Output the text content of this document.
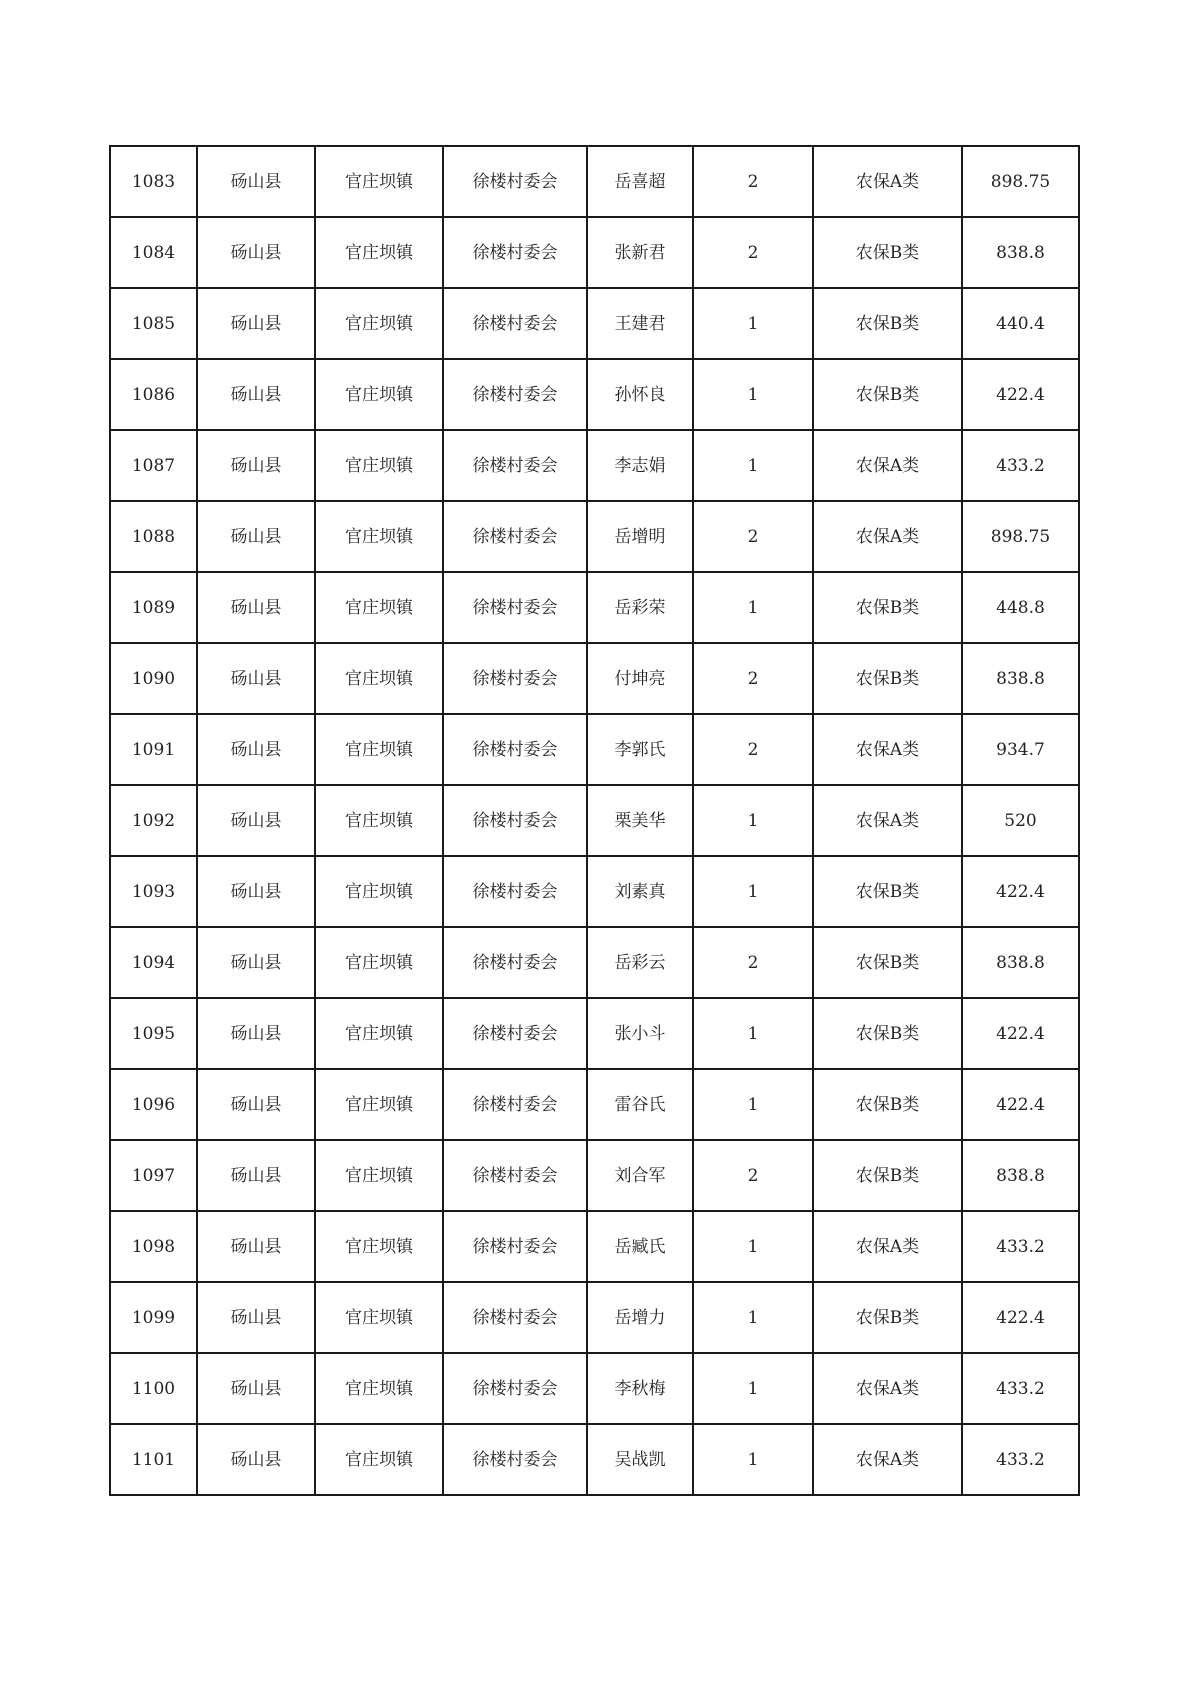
1083	砀山县	官庄坝镇	徐楼村委会	岳喜超	2	农保A类	898.75
1084	砀山县	官庄坝镇	徐楼村委会	张新君	2	农保B类	838.8
1085	砀山县	官庄坝镇	徐楼村委会	王建君	1	农保B类	440.4
1086	砀山县	官庄坝镇	徐楼村委会	孙怀良	1	农保B类	422.4
1087	砀山县	官庄坝镇	徐楼村委会	李志娟	1	农保A类	433.2
1088	砀山县	官庄坝镇	徐楼村委会	岳增明	2	农保A类	898.75
1089	砀山县	官庄坝镇	徐楼村委会	岳彩荣	1	农保B类	448.8
1090	砀山县	官庄坝镇	徐楼村委会	付坤亮	2	农保B类	838.8
1091	砀山县	官庄坝镇	徐楼村委会	李郭氏	2	农保A类	934.7
1092	砀山县	官庄坝镇	徐楼村委会	栗美华	1	农保A类	520
1093	砀山县	官庄坝镇	徐楼村委会	刘素真	1	农保B类	422.4
1094	砀山县	官庄坝镇	徐楼村委会	岳彩云	2	农保B类	838.8
1095	砀山县	官庄坝镇	徐楼村委会	张小斗	1	农保B类	422.4
1096	砀山县	官庄坝镇	徐楼村委会	雷谷氏	1	农保B类	422.4
1097	砀山县	官庄坝镇	徐楼村委会	刘合军	2	农保B类	838.8
1098	砀山县	官庄坝镇	徐楼村委会	岳臧氏	1	农保A类	433.2
1099	砀山县	官庄坝镇	徐楼村委会	岳增力	1	农保B类	422.4
1100	砀山县	官庄坝镇	徐楼村委会	李秋梅	1	农保A类	433.2
1101	砀山县	官庄坝镇	徐楼村委会	吴战凯	1	农保A类	433.2
